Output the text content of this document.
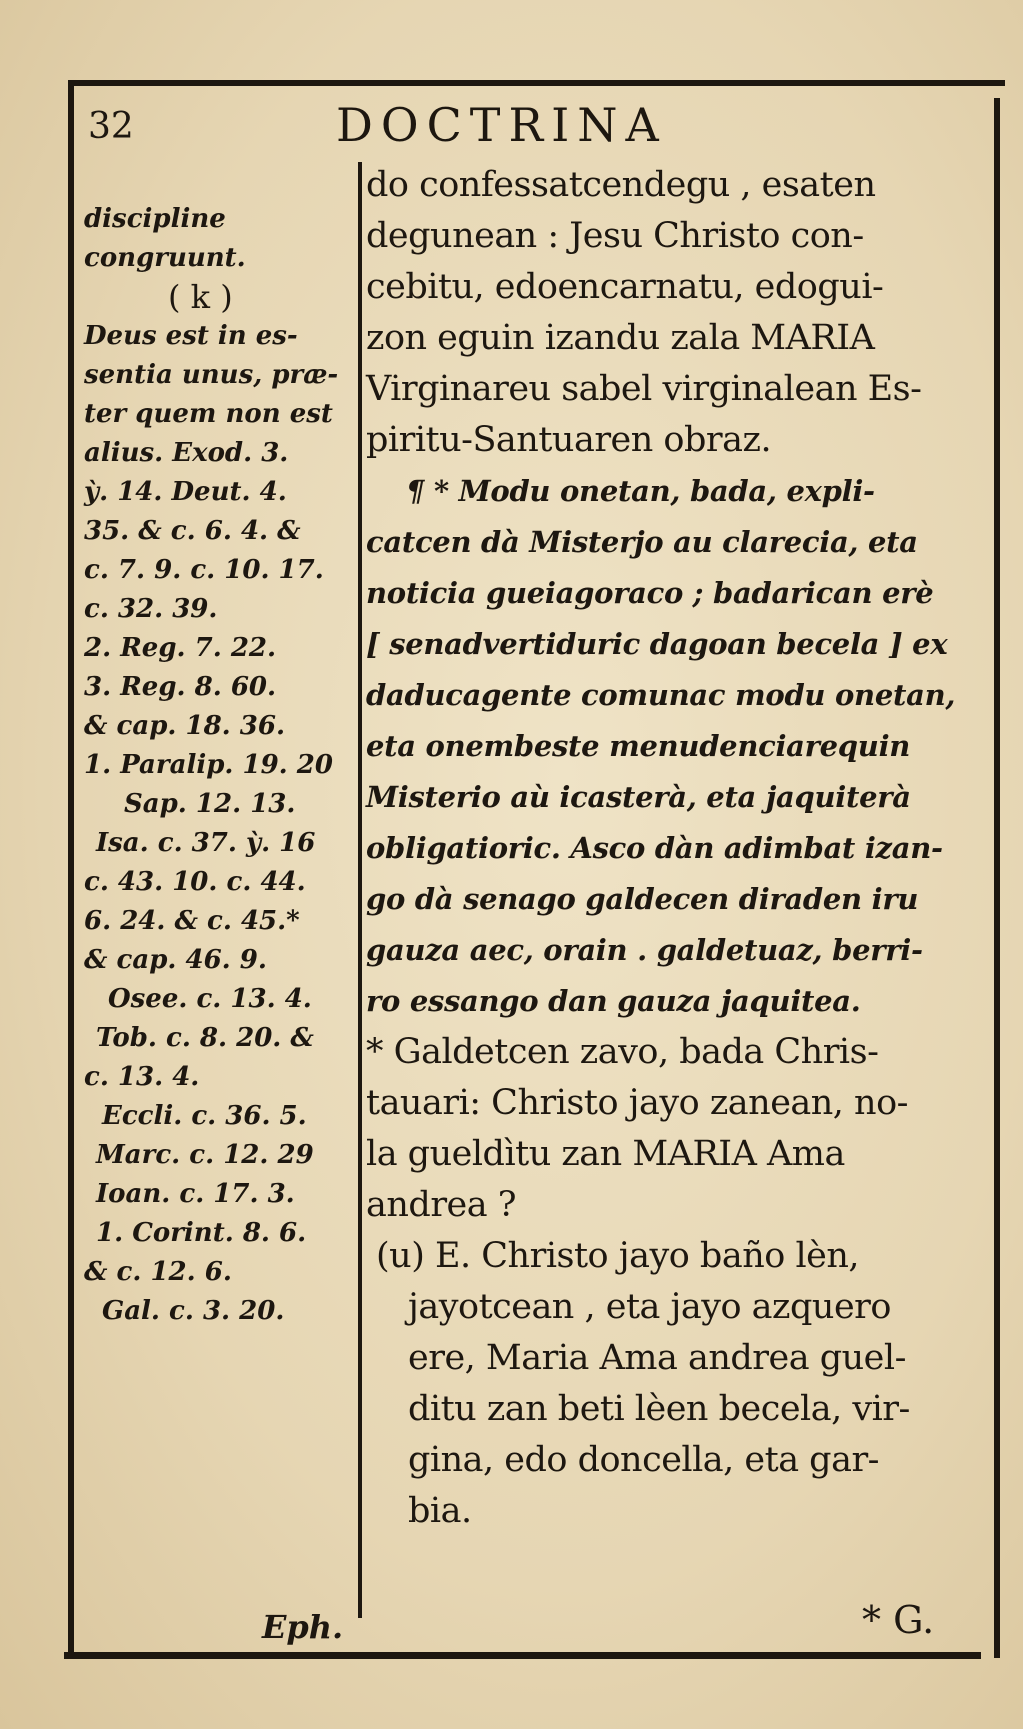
32	DOCTRINA
discipline congruunt.
( k )
Deus est in es-
sentia unus, præ-
ter quem non est
alius. Exod. 3.
ỳ. 14. Deut. 4.
35. & c. 6. 4. &
c. 7. 9. c. 10. 17.
c. 32. 39.
2. Reg. 7. 22.
3. Reg. 8. 60.
& cap. 18. 36.
1. Paralip. 19. 20
Sap. 12. 13.
Isa. c. 37. ỳ. 16
c. 43. 10. c. 44.
6. 24. & c. 45.*
& cap. 46. 9.
Osee. c. 13. 4.
Tob. c. 8. 20. &
c. 13. 4.
Eccli. c. 36. 5.
Marc. c. 12. 29
Ioan. c. 17. 3.
1. Corint. 8. 6.
& c. 12. 6.
Gal. c. 3. 20.
do confessatcendegu , esaten
degunean : Jesu Christo con-
cebitu, edoencarnatu, edogui-
zon eguin izandu zala MARIA
Virginareu sabel virginalean Es-
piritu-Santuaren obraz.
¶ * Modu onetan, bada, expli-
catcen dà Misterjo au clarecia, eta
noticia gueiagoraco ; badarican erè
[ senadvertiduric dagoan becela ] ex
daducagente comunac modu onetan,
eta onembeste menudenciarequin
Misterio aù icasterà, eta jaquiterà
obligatioric. Asco dàn adimbat izan-
go dà senago galdecen diraden iru
gauza aec, orain . galdetuaz, berri-
ro essango dan gauza jaquitea.
* Galdetcen zavo, bada Chris-
tauari: Christo jayo zanean, no-
la gueldìtu zan MARIA Ama
andrea ?
(u) E. Christo jayo baño lèn,
jayotcean , eta jayo azquero
ere, Maria Ama andrea guel-
ditu zan beti lèen becela, vir-
gina, edo doncella, eta gar-
bia.
Eph.	* G.
